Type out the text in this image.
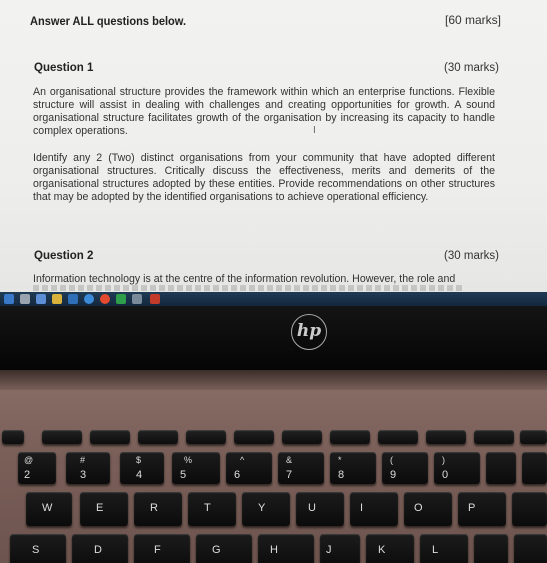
Answer ALL questions below.	[60 marks]
Question 1	(30 marks)
An organisational structure provides the framework within which an enterprise functions. Flexible structure will assist in dealing with challenges and creating opportunities for growth. A sound organisational structure facilitates growth of the organisation by increasing its capacity to handle complex operations.	I
Identify any 2 (Two) distinct organisations from your community that have adopted different organisational structures. Critically discuss the effectiveness, merits and demerits of the organisational structures adopted by these entities. Provide recommendations on other structures that may be adopted by the identified organisations to achieve operational efficiency.
Question 2	(30 marks)
Information technology is at the centre of the information revolution. However, the role and
hp
@
2
#
3
$
4
%
5
^
6
&
7
*
8
(
9
)
0
W	E	R	T	Y	U	I	O	P
S	D	F	G	H	J	K	L
